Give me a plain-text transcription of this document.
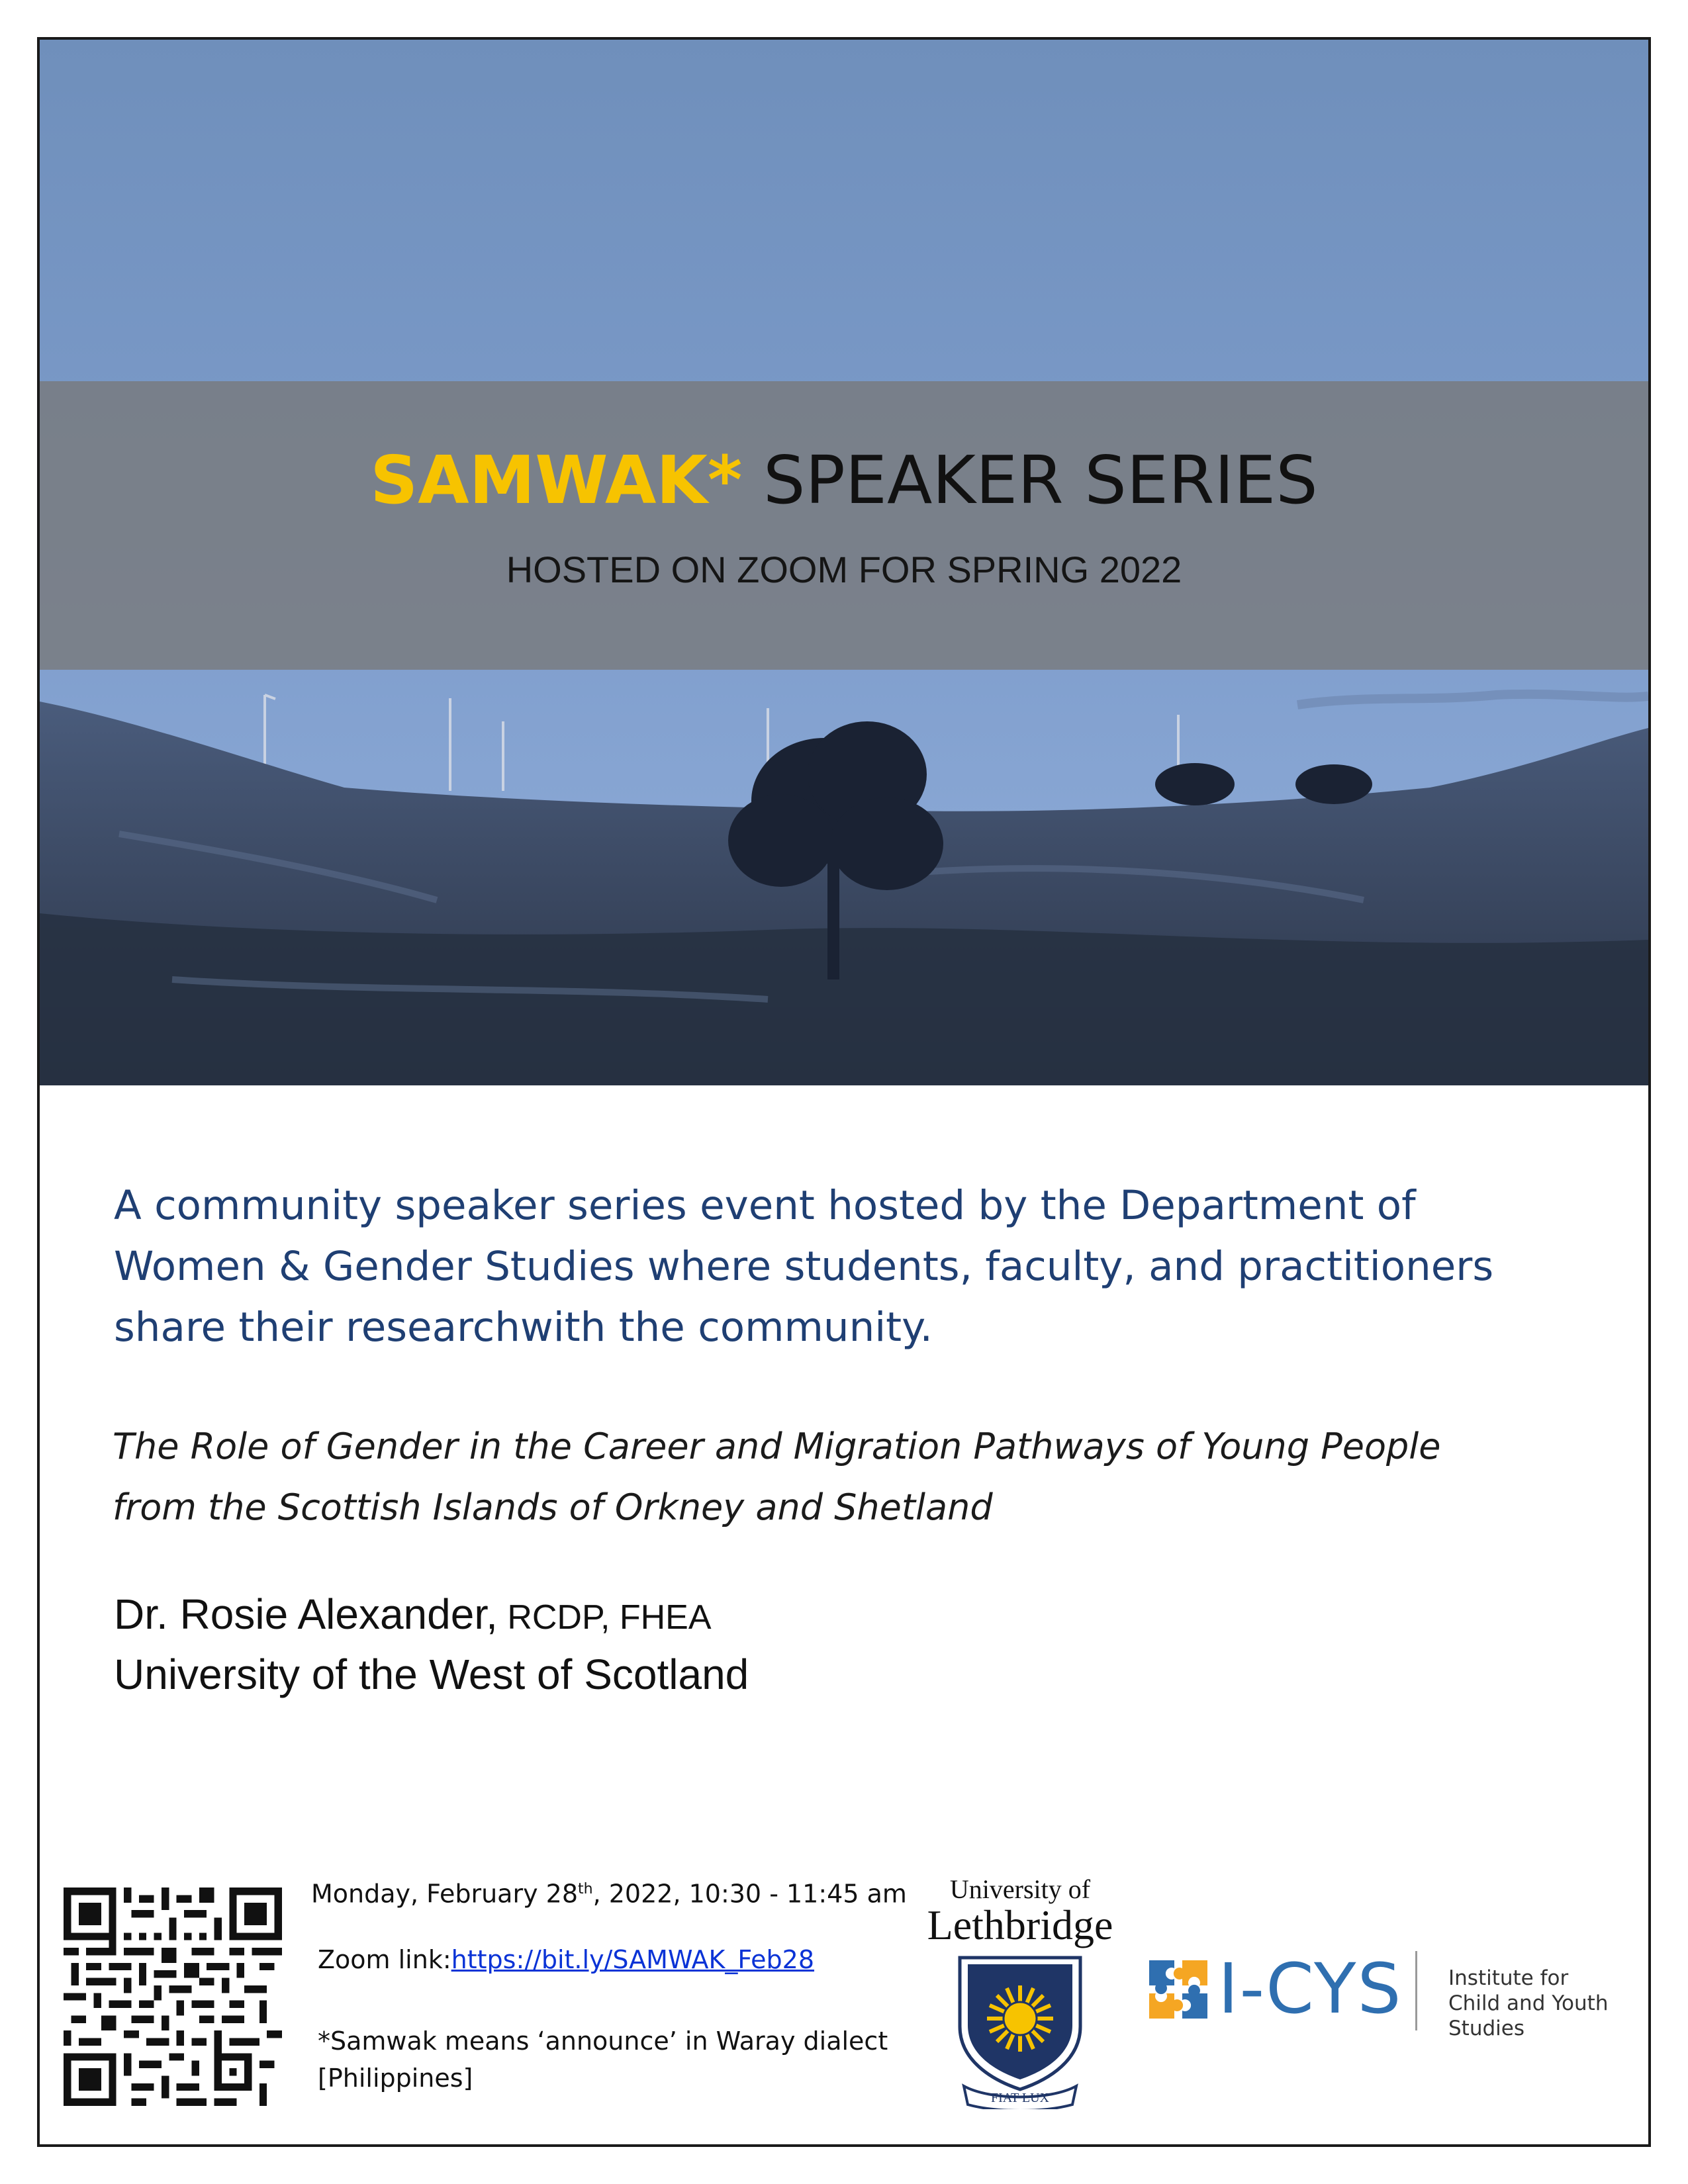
SAMWAK* SPEAKER SERIES
HOSTED ON ZOOM FOR SPRING 2022
A community speaker series event hosted by the Department of Women & Gender Studies where students, faculty, and practitioners share their researchwith the community.
The Role of Gender in the Career and Migration Pathways of Young People
from the Scottish Islands of Orkney and Shetland
Dr. Rosie Alexander, RCDP, FHEA
University of the West of Scotland
Monday, February 28th, 2022, 10:30 - 11:45 am
Zoom link:https://bit.ly/SAMWAK_Feb28
*Samwak means ‘announce’ in Waray dialect
[Philippines]
University of
Lethbridge
FIAT LUX
I-CYS Institute for
Child and Youth Studies
